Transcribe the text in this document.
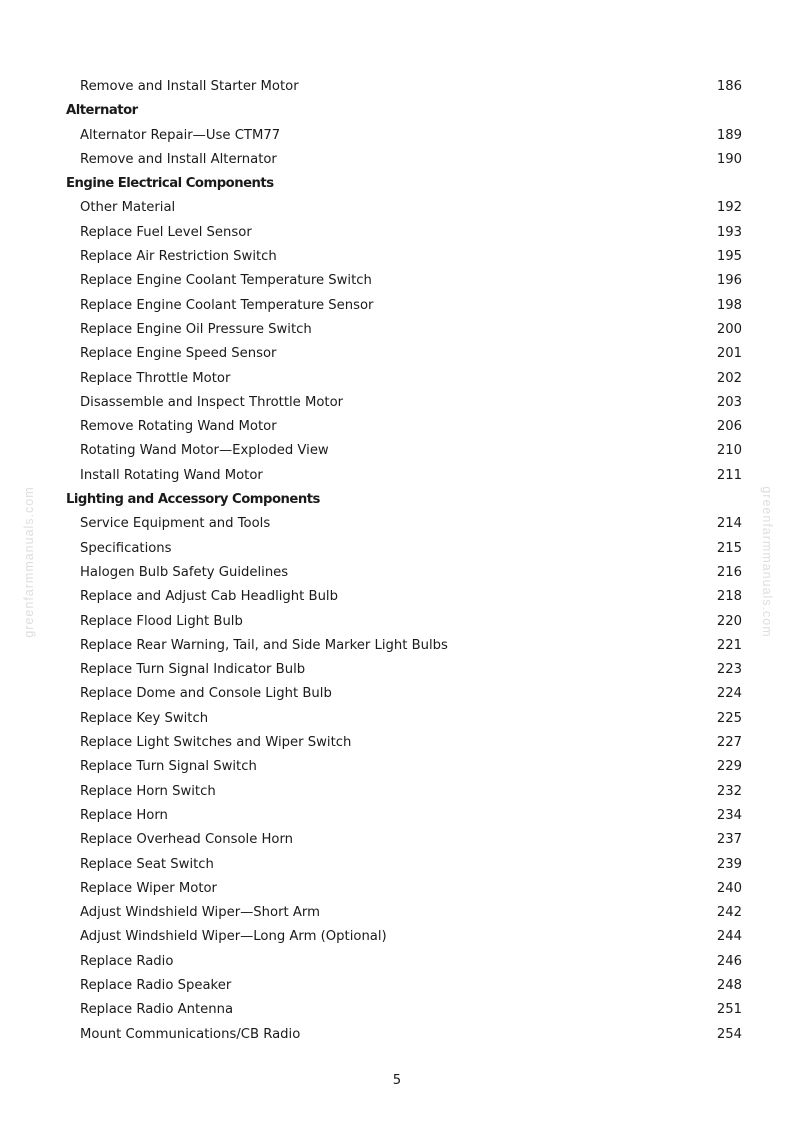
greenfarmmanuals.com	greenfarmmanuals.com
Remove and Install Starter Motor	186
Alternator
Alternator Repair—Use CTM77	189
Remove and Install Alternator	190
Engine Electrical Components
Other Material	192
Replace Fuel Level Sensor	193
Replace Air Restriction Switch	195
Replace Engine Coolant Temperature Switch	196
Replace Engine Coolant Temperature Sensor	198
Replace Engine Oil Pressure Switch	200
Replace Engine Speed Sensor	201
Replace Throttle Motor	202
Disassemble and Inspect Throttle Motor	203
Remove Rotating Wand Motor	206
Rotating Wand Motor—Exploded View	210
Install Rotating Wand Motor	211
Lighting and Accessory Components
Service Equipment and Tools	214
Specifications	215
Halogen Bulb Safety Guidelines	216
Replace and Adjust Cab Headlight Bulb	218
Replace Flood Light Bulb	220
Replace Rear Warning, Tail, and Side Marker Light Bulbs	221
Replace Turn Signal Indicator Bulb	223
Replace Dome and Console Light Bulb	224
Replace Key Switch	225
Replace Light Switches and Wiper Switch	227
Replace Turn Signal Switch	229
Replace Horn Switch	232
Replace Horn	234
Replace Overhead Console Horn	237
Replace Seat Switch	239
Replace Wiper Motor	240
Adjust Windshield Wiper—Short Arm	242
Adjust Windshield Wiper—Long Arm (Optional)	244
Replace Radio	246
Replace Radio Speaker	248
Replace Radio Antenna	251
Mount Communications/CB Radio	254
5
